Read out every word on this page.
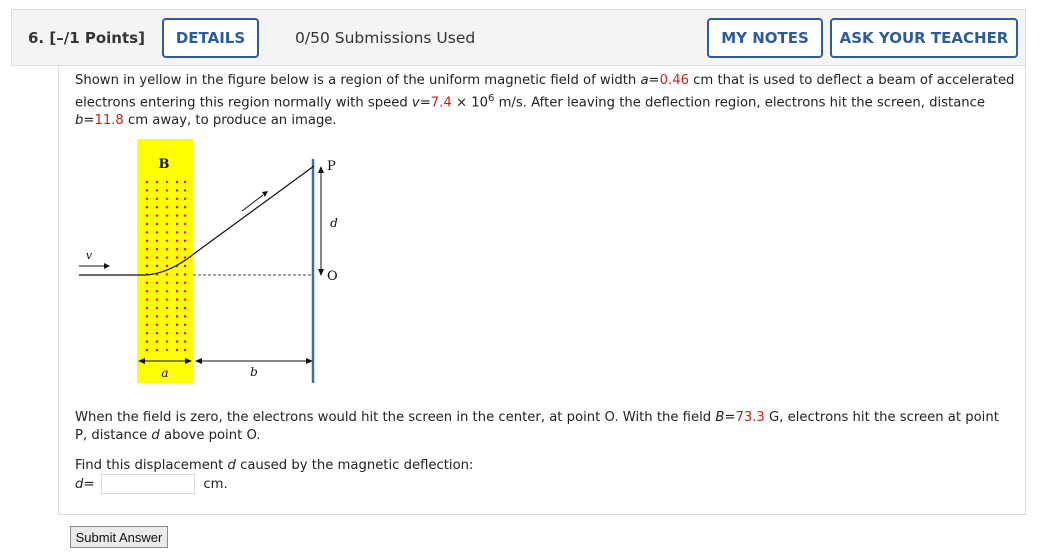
6. [–/1 Points]	DETAILS	0/50 Submissions Used	MY NOTES	ASK YOUR TEACHER
Shown in yellow in the figure below is a region of the uniform magnetic field of width a=0.46 cm that is used to deflect a beam of accelerated electrons entering this region normally with speed $v=7.4 \times 10^6$ m/s. After leaving the deflection region, electrons hit the screen, distance b=11.8 cm away, to produce an image.
B
v
P
O
d
a	b
When the field is zero, the electrons would hit the screen in the center, at point O. With the field B=73.3 G, electrons hit the screen at point P, distance d above point O.
Find this displacement d caused by the magnetic deflection:
d=	cm.
Submit Answer
